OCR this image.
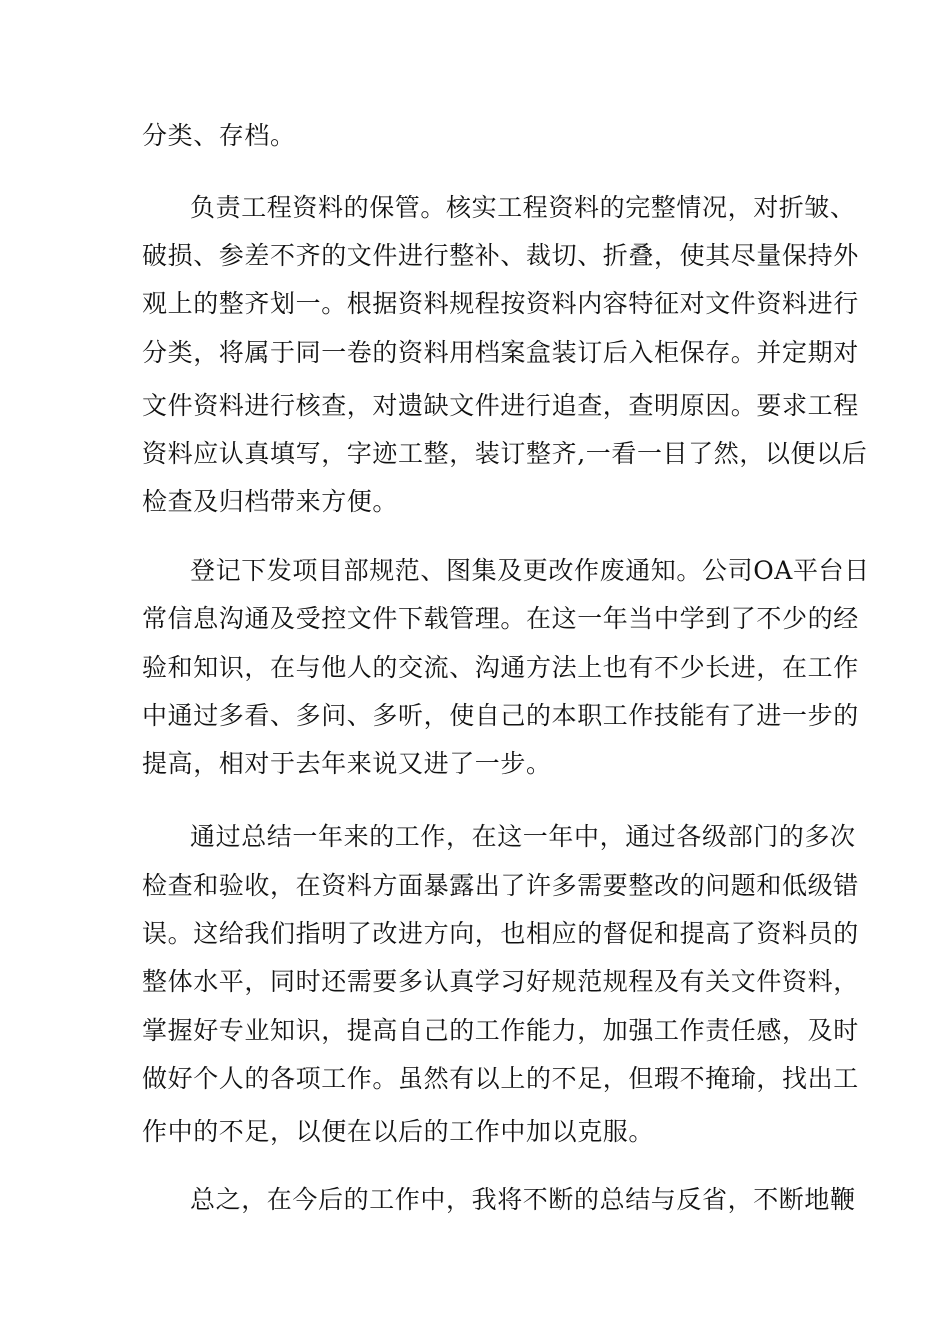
分类、存档。
负责工程资料的保管。核实工程资料的完整情况，对折皱、
破损、参差不齐的文件进行整补、裁切、折叠，使其尽量保持外
观上的整齐划一。根据资料规程按资料内容特征对文件资料进行
分类，将属于同一卷的资料用档案盒装订后入柜保存。并定期对
文件资料进行核查，对遗缺文件进行追查，查明原因。要求工程
资料应认真填写，字迹工整，装订整齐,一看一目了然，以便以后
检查及归档带来方便。
登记下发项目部规范、图集及更改作废通知。公司OA平台日
常信息沟通及受控文件下载管理。在这一年当中学到了不少的经
验和知识，在与他人的交流、沟通方法上也有不少长进，在工作
中通过多看、多问、多听，使自己的本职工作技能有了进一步的
提高，相对于去年来说又进了一步。
通过总结一年来的工作，在这一年中，通过各级部门的多次
检查和验收，在资料方面暴露出了许多需要整改的问题和低级错
误。这给我们指明了改进方向，也相应的督促和提高了资料员的
整体水平，同时还需要多认真学习好规范规程及有关文件资料，
掌握好专业知识，提高自己的工作能力，加强工作责任感，及时
做好个人的各项工作。虽然有以上的不足，但瑕不掩瑜，找出工
作中的不足，以便在以后的工作中加以克服。
总之，在今后的工作中，我将不断的总结与反省，不断地鞭
